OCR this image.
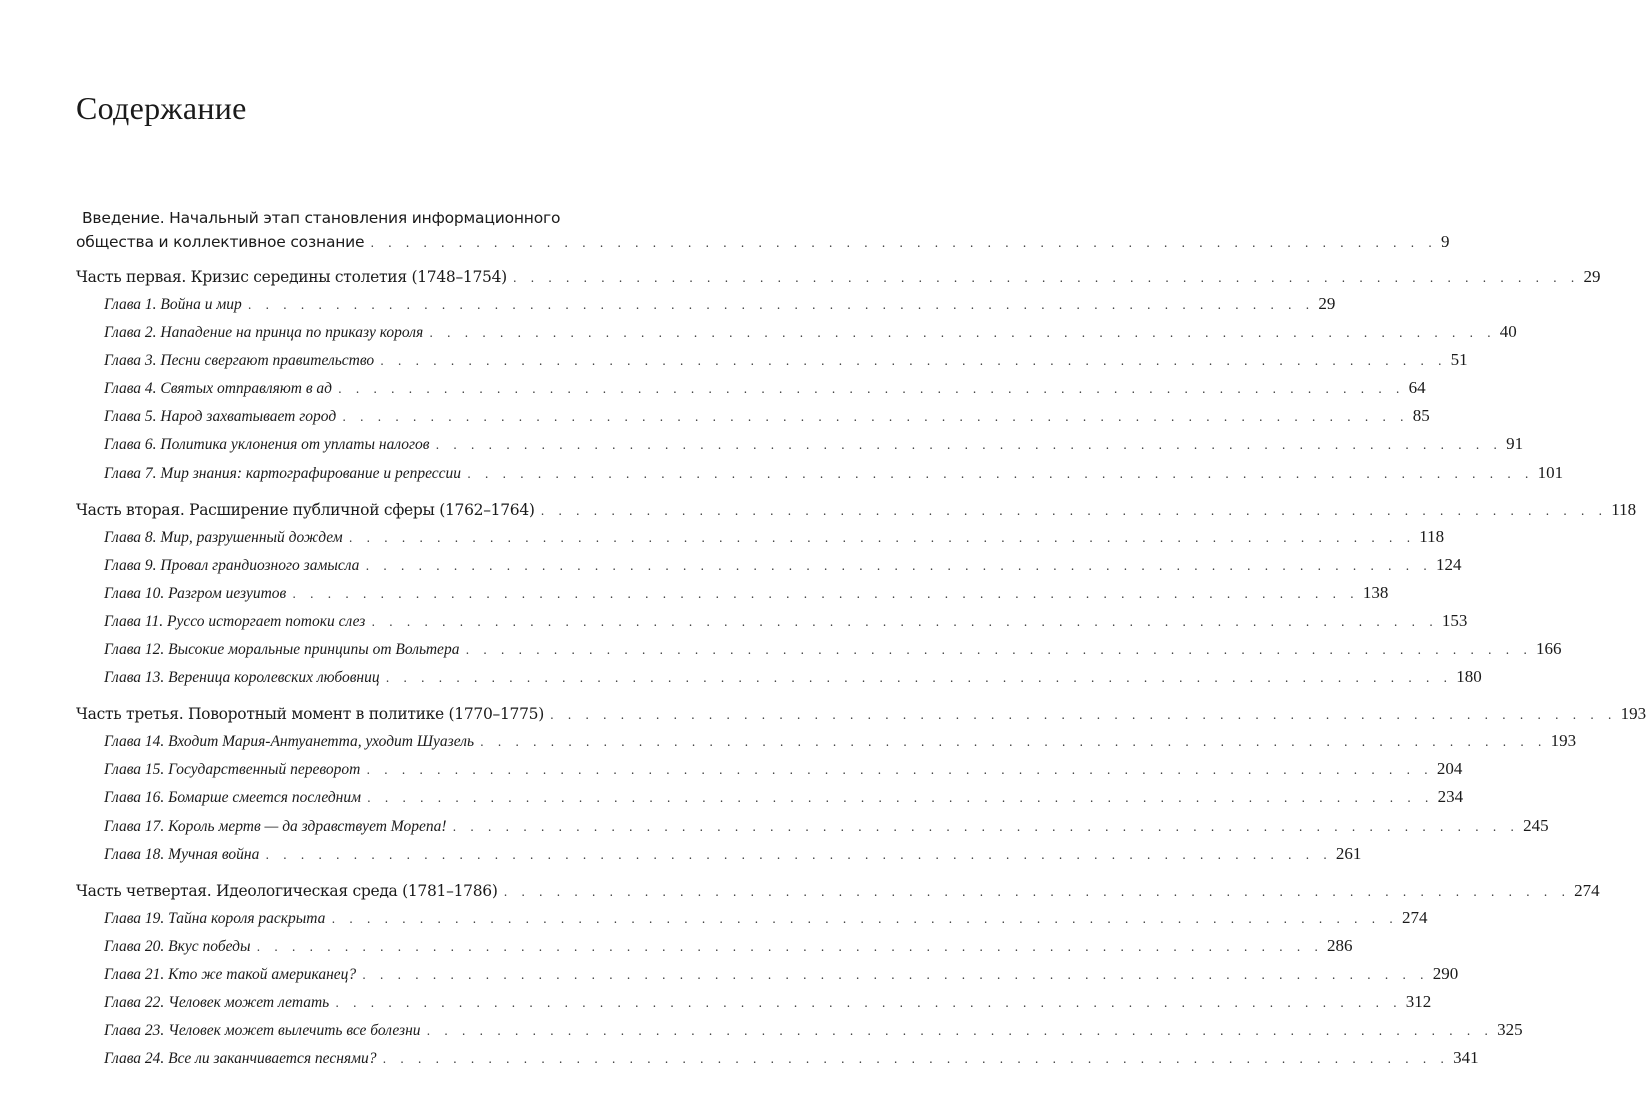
Содержание
Введение. Начальный этап становления информационного
общества и коллективное сознание . . .	9
Часть первая. Кризис середины столетия (1748–1754) . . .	29
Глава 1. Война и мир . . .	29
Глава 2. Нападение на принца по приказу короля . . .	40
Глава 3. Песни свергают правительство . . .	51
Глава 4. Святых отправляют в ад . . .	64
Глава 5. Народ захватывает город . . .	85
Глава 6. Политика уклонения от уплаты налогов . . .	91
Глава 7. Мир знания: картографирование и репрессии . . .	101
Часть вторая. Расширение публичной сферы (1762–1764) . . .	118
Глава 8. Мир, разрушенный дождем . . .	118
Глава 9. Провал грандиозного замысла . . .	124
Глава 10. Разгром иезуитов . . .	138
Глава 11. Руссо исторгает потоки слез . . .	153
Глава 12. Высокие моральные принципы от Вольтера . . .	166
Глава 13. Вереница королевских любовниц . . .	180
Часть третья. Поворотный момент в политике (1770–1775) . . .	193
Глава 14. Входит Мария-Антуанетта, уходит Шуазель . . .	193
Глава 15. Государственный переворот . . .	204
Глава 16. Бомарше смеется последним . . .	234
Глава 17. Король мертв — да здравствует Морепа! . . .	245
Глава 18. Мучная война . . .	261
Часть четвертая. Идеологическая среда (1781–1786) . . .	274
Глава 19. Тайна короля раскрыта . . .	274
Глава 20. Вкус победы . . .	286
Глава 21. Кто же такой американец? . . .	290
Глава 22. Человек может летать . . .	312
Глава 23. Человек может вылечить все болезни . . .	325
Глава 24. Все ли заканчивается песнями? . . .	341
